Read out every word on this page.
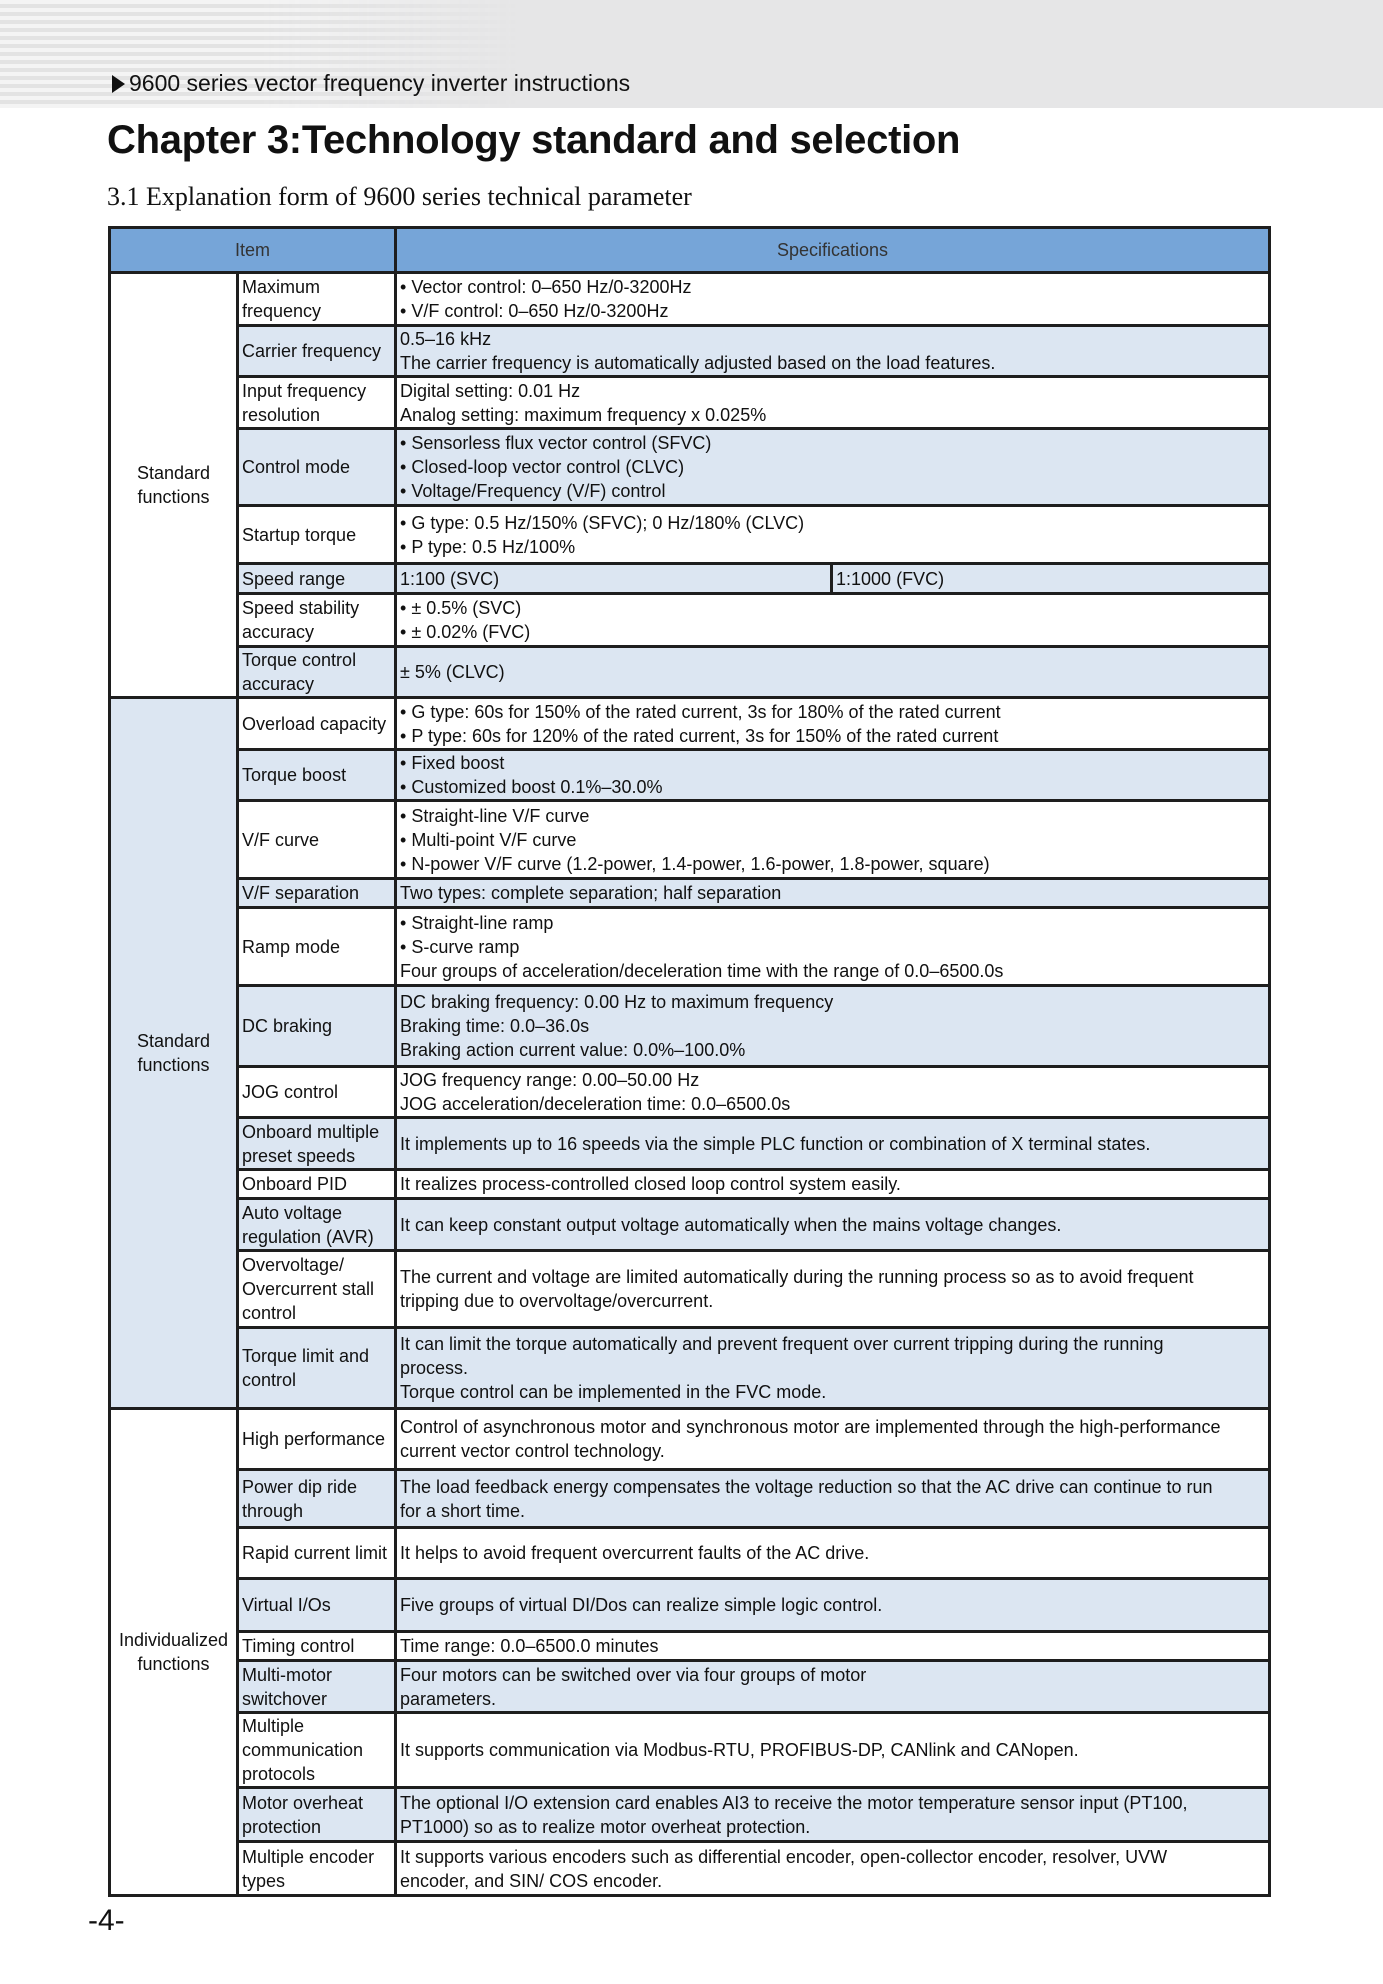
9600 series vector frequency inverter instructions
Chapter 3:Technology standard and selection
3.1 Explanation form of 9600 series technical parameter
Item		Specifications	
Standard functions	Maximum frequency	• Vector control: 0–650 Hz/0-3200Hz
• V/F control: 0–650 Hz/0-3200Hz	

	Carrier frequency	0.5–16 kHz
The carrier frequency is automatically adjusted based on the load features.	

	Input frequency resolution	Digital setting: 0.01 Hz
Analog setting: maximum frequency x 0.025%	

	Control mode	• Sensorless flux vector control (SFVC)
• Closed-loop vector control (CLVC)
• Voltage/Frequency (V/F) control	

	Startup torque	• G type: 0.5 Hz/150% (SFVC); 0 Hz/180% (CLVC)
• P type: 0.5 Hz/100%	

	Speed range	1:100 (SVC)	1:1000 (FVC)
	Speed stability accuracy	• ± 0.5% (SVC)
• ± 0.02% (FVC)	

	Torque control accuracy	± 5% (CLVC)	

Standard functions	Overload capacity	• G type: 60s for 150% of the rated current, 3s for 180% of the rated current
• P type: 60s for 120% of the rated current, 3s for 150% of the rated current	

	Torque boost	• Fixed boost
• Customized boost 0.1%–30.0%	

	V/F curve	• Straight-line V/F curve
• Multi-point V/F curve
• N-power V/F curve (1.2-power, 1.4-power, 1.6-power, 1.8-power, square)	

	V/F separation	Two types: complete separation; half separation	

	Ramp mode	• Straight-line ramp
• S-curve ramp
Four groups of acceleration/deceleration time with the range of 0.0–6500.0s	

	DC braking	DC braking frequency: 0.00 Hz to maximum frequency
Braking time: 0.0–36.0s
Braking action current value: 0.0%–100.0%	

	JOG control	JOG frequency range: 0.00–50.00 Hz
JOG acceleration/deceleration time: 0.0–6500.0s	

	Onboard multiple preset speeds	It implements up to 16 speeds via the simple PLC function or combination of X terminal states.	

	Onboard PID	It realizes process-controlled closed loop control system easily.	

	Auto voltage regulation (AVR)	It can keep constant output voltage automatically when the mains voltage changes.	

	Overvoltage/ Overcurrent stall control	The current and voltage are limited automatically during the running process so as to avoid frequent
tripping due to overvoltage/overcurrent.	

	Torque limit and control	It can limit the torque automatically and prevent frequent over current tripping during the running
process.
Torque control can be implemented in the FVC mode.	

Individualized functions	High performance	Control of asynchronous motor and synchronous motor are implemented through the high-performance
current vector control technology.	

	Power dip ride through	The load feedback energy compensates the voltage reduction so that the AC drive can continue to run
for a short time.	

	Rapid current limit	It helps to avoid frequent overcurrent faults of the AC drive.	

	Virtual I/Os	Five groups of virtual DI/Dos can realize simple logic control.	

	Timing control	Time range: 0.0–6500.0 minutes	

	Multi-motor switchover	Four motors can be switched over via four groups of motor
parameters.	

	Multiple communication protocols	It supports communication via Modbus-RTU, PROFIBUS-DP, CANlink and CANopen.	

	Motor overheat protection	The optional I/O extension card enables AI3 to receive the motor temperature sensor input (PT100,
PT1000) so as to realize motor overheat protection.	

	Multiple encoder types	It supports various encoders such as differential encoder, open-collector encoder, resolver, UVW
encoder, and SIN/ COS encoder.	
-4-
